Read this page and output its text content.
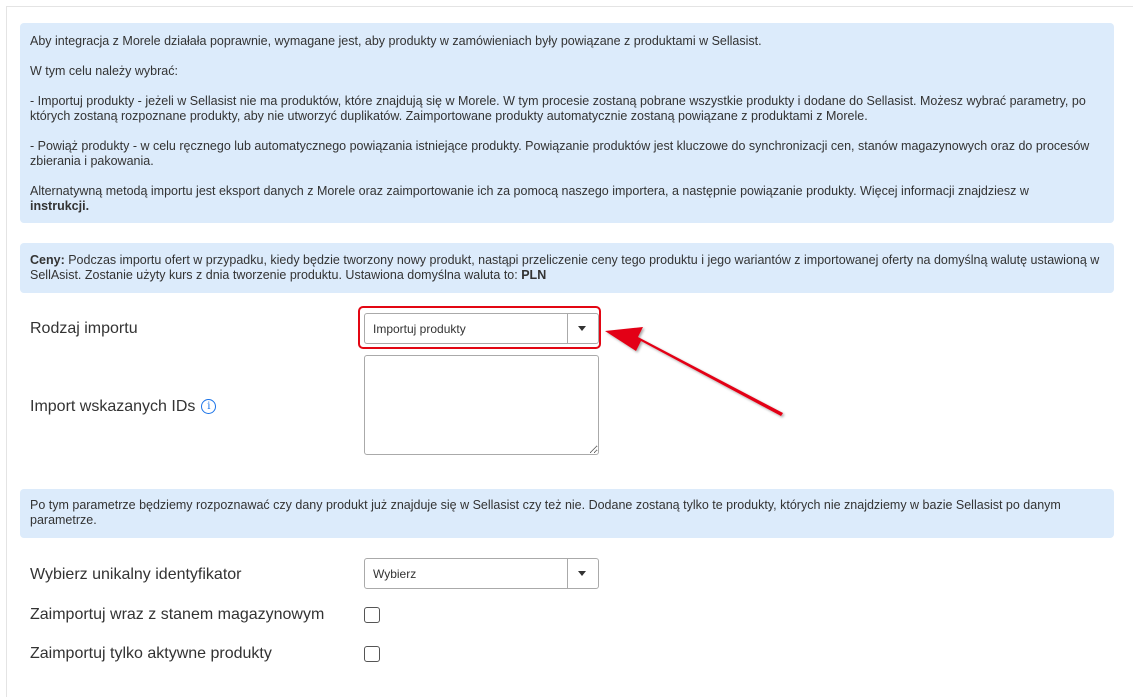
Aby integracja z Morele działała poprawnie, wymagane jest, aby produkty w zamówieniach były powiązane z produktami w Sellasist.

W tym celu należy wybrać:

- Importuj produkty - jeżeli w Sellasist nie ma produktów, które znajdują się w Morele. W tym procesie zostaną pobrane wszystkie produkty i dodane do Sellasist. Możesz wybrać parametry, po których zostaną rozpoznane produkty, aby nie utworzyć duplikatów. Zaimportowane produkty automatycznie zostaną powiązane z produktami z Morele.

- Powiąż produkty - w celu ręcznego lub automatycznego powiązania istniejące produkty. Powiązanie produktów jest kluczowe do synchronizacji cen, stanów magazynowych oraz do procesów zbierania i pakowania.

Alternatywną metodą importu jest eksport danych z Morele oraz zaimportowanie ich za pomocą naszego importera, a następnie powiązanie produkty. Więcej informacji znajdziesz w
instrukcji.

Ceny: Podczas importu ofert w przypadku, kiedy będzie tworzony nowy produkt, nastąpi przeliczenie ceny tego produktu i jego wariantów z importowanej oferty na domyślną walutę ustawioną w SellAsist. Zostanie użyty kurs z dnia tworzenie produktu. Ustawiona domyślna waluta to: PLN
Rodzaj importu	Importuj produkty
Import wskazanych IDs i
Po tym parametrze będziemy rozpoznawać czy dany produkt już znajduje się w Sellasist czy też nie. Dodane zostaną tylko te produkty, których nie znajdziemy w bazie Sellasist po danym parametrze.
Wybierz unikalny identyfikator	Wybierz
Zaimportuj wraz z stanem magazynowym
Zaimportuj tylko aktywne produkty
